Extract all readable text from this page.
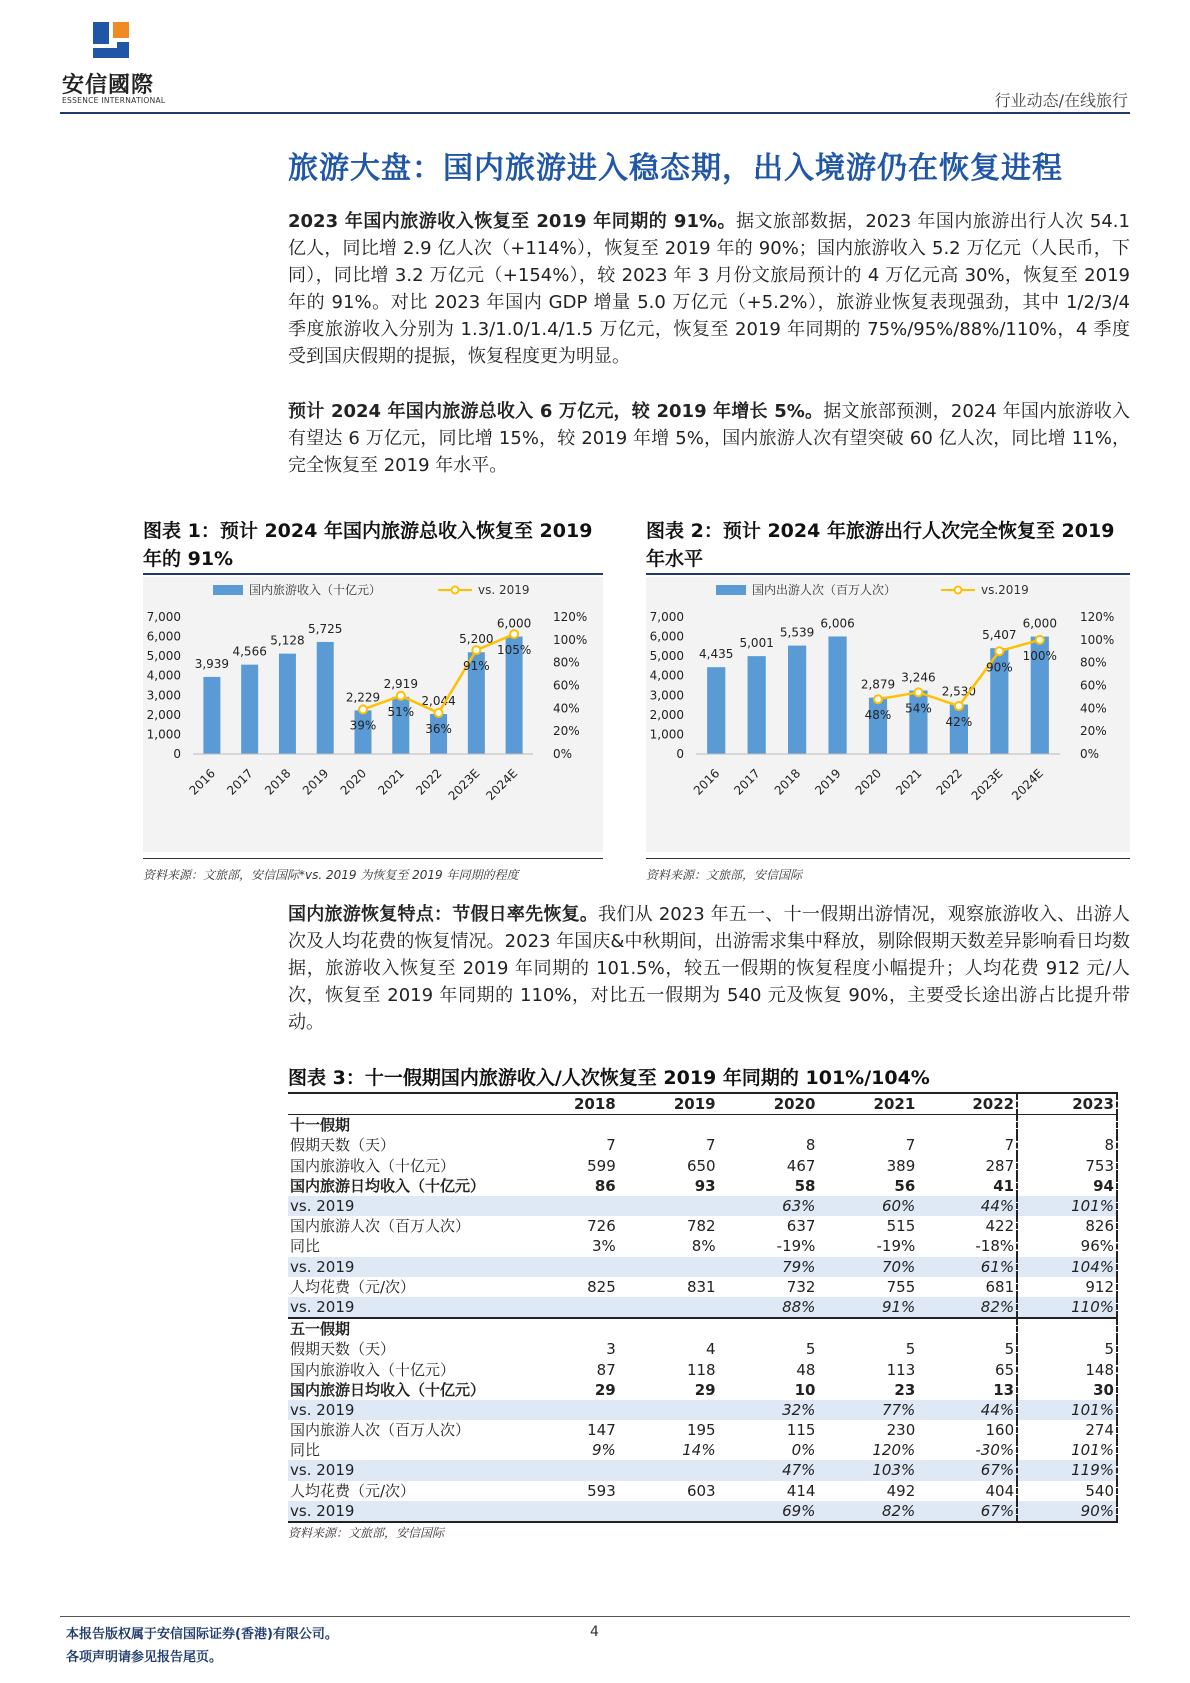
安信國際
ESSENCE INTERNATIONAL	行业动态/在线旅行
旅游大盘：国内旅游进入稳态期，出入境游仍在恢复进程

2023 年国内旅游收入恢复至 2019 年同期的 91%。据文旅部数据，2023 年国内旅游出行人次 54.1 亿人，同比增 2.9 亿人次（+114%），恢复至 2019 年的 90%；国内旅游收入 5.2 万亿元（人民币，下同），同比增 3.2 万亿元（+154%），较 2023 年 3 月份文旅局预计的 4 万亿元高 30%，恢复至 2019 年的 91%。对比 2023 年国内 GDP 增量 5.0 万亿元（+5.2%），旅游业恢复表现强劲，其中 1/2/3/4 季度旅游收入分别为 1.3/1.0/1.4/1.5 万亿元，恢复至 2019 年同期的 75%/95%/88%/110%，4 季度受到国庆假期的提振，恢复程度更为明显。

预计 2024 年国内旅游总收入 6 万亿元，较 2019 年增长 5%。据文旅部预测，2024 年国内旅游收入有望达 6 万亿元，同比增 15%，较 2019 年增 5%，国内旅游人次有望突破 60 亿人次，同比增 11%，完全恢复至 2019 年水平。

图表 1：预计 2024 年国内旅游总收入恢复至 2019 年的 91%
国内旅游收入（十亿元）	vs. 2019
0
1,000
2,000
3,000
4,000
5,000
6,000
7,000
0%
20%
40%
60%
80%
100%
120%
3,939
2016
4,566
2017
5,128
2018
5,725
2019
2,229
2020
2,919
2021
2,044
2022
5,200
2023E
6,000
2024E
39%
51%
36%
91%
105%
资料来源：文旅部，安信国际*vs. 2019 为恢复至 2019 年同期的程度
图表 2：预计 2024 年旅游出行人次完全恢复至 2019 年水平
国内出游人次（百万人次）	vs.2019
0
1,000
2,000
3,000
4,000
5,000
6,000
7,000
0%
20%
40%
60%
80%
100%
120%
4,435
2016
5,001
2017
5,539
2018
6,006
2019
2,879
2020
3,246
2021
2,530
2022
5,407
2023E
6,000
2024E
48% 54%
42%
90%
100%
资料来源：文旅部，安信国际

国内旅游恢复特点：节假日率先恢复。我们从 2023 年五一、十一假期出游情况，观察旅游收入、出游人次及人均花费的恢复情况。2023 年国庆&中秋期间，出游需求集中释放，剔除假期天数差异影响看日均数据，旅游收入恢复至 2019 年同期的 101.5%，较五一假期的恢复程度小幅提升；人均花费 912 元/人次，恢复至 2019 年同期的 110%，对比五一假期为 540 元及恢复 90%，主要受长途出游占比提升带动。

图表 3：十一假期国内旅游收入/人次恢复至 2019 年同期的 101%/104%
	2018	2019	2020	2021	2022	2023
十一假期						
假期天数（天）	7	7	8	7	7	8
国内旅游收入（十亿元）	599	650	467	389	287	753
国内旅游日均收入（十亿元）	86	93	58	56	41	94
vs. 2019			63%	60%	44%	101%
国内旅游人次（百万人次）	726	782	637	515	422	826
同比	3%	8%	-19%	-19%	-18%	96%
vs. 2019			79%	70%	61%	104%
人均花费（元/次）	825	831	732	755	681	912
vs. 2019			88%	91%	82%	110%
五一假期						
假期天数（天）	3	4	5	5	5	5
国内旅游收入（十亿元）	87	118	48	113	65	148
国内旅游日均收入（十亿元）	29	29	10	23	13	30
vs. 2019			32%	77%	44%	101%
国内旅游人次（百万人次）	147	195	115	230	160	274
同比	9%	14%	0%	120%	-30%	101%
vs. 2019			47%	103%	67%	119%
人均花费（元/次）	593	603	414	492	404	540
vs. 2019			69%	82%	67%	90%
资料来源：文旅部，安信国际
本报告版权属于安信国际证券(香港)有限公司。
各项声明请参见报告尾页。
4
